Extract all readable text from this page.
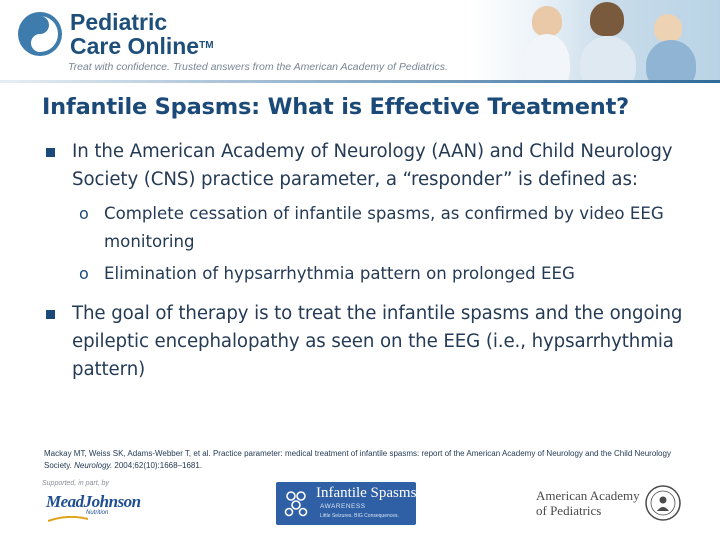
Pediatric
Care Online™
Treat with confidence. Trusted answers from the American Academy of Pediatrics.
Infantile Spasms: What is Effective Treatment?
In the American Academy of Neurology (AAN) and Child Neurology Society (CNS) practice parameter, a “responder” is defined as:
o Complete cessation of infantile spasms, as confirmed by video EEG monitoring
o Elimination of hypsarrhythmia pattern on prolonged EEG
The goal of therapy is to treat the infantile spasms and the ongoing epileptic encephalopathy as seen on the EEG (i.e., hypsarrhythmia pattern)
Mackay MT, Weiss SK, Adams-Webber T, et al. Practice parameter: medical treatment of infantile spasms: report of the American Academy of Neurology and the Child Neurology Society. Neurology. 2004;62(10):1668–1681.
Supported, in part, by
MeadJohnson
Nutrition
Infantile Spasms
AWARENESS
Little Seizures. BIG Consequences.
American Academy
of Pediatrics
